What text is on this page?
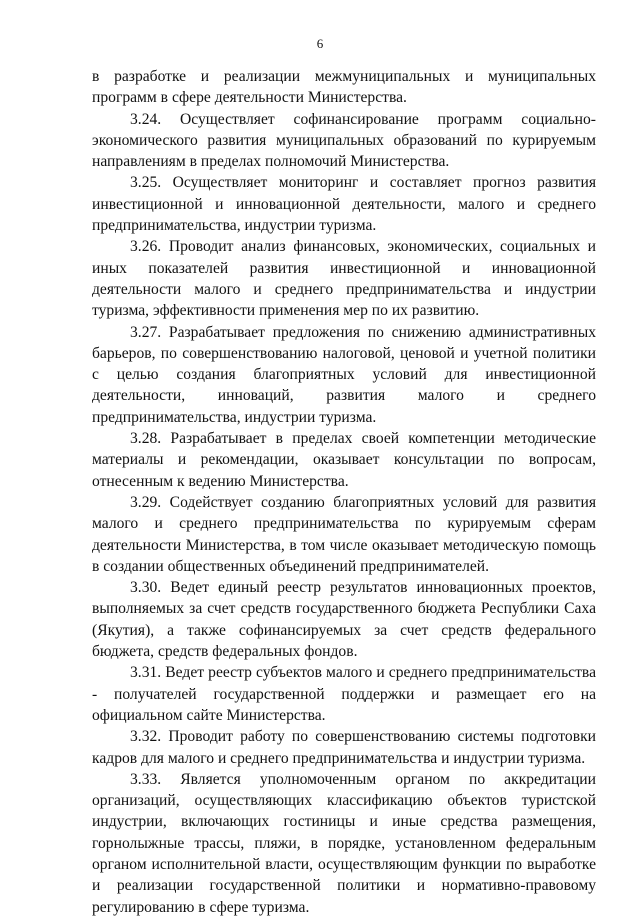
6

в разработке и реализации межмуниципальных и муниципальных программ в сфере деятельности Министерства.

3.24. Осуществляет софинансирование программ социально-экономического развития муниципальных образований по курируемым направлениям в пределах полномочий Министерства.

3.25. Осуществляет мониторинг и составляет прогноз развития инвестиционной и инновационной деятельности, малого и среднего предпринимательства, индустрии туризма.

3.26. Проводит анализ финансовых, экономических, социальных и иных показателей развития инвестиционной и инновационной деятельности малого и среднего предпринимательства и индустрии туризма, эффективности применения мер по их развитию.

3.27. Разрабатывает предложения по снижению административных барьеров, по совершенствованию налоговой, ценовой и учетной политики с целью создания благоприятных условий для инвестиционной деятельности, инноваций, развития малого и среднего предпринимательства, индустрии туризма.

3.28. Разрабатывает в пределах своей компетенции методические материалы и рекомендации, оказывает консультации по вопросам, отнесенным к ведению Министерства.

3.29. Содействует созданию благоприятных условий для развития малого и среднего предпринимательства по курируемым сферам деятельности Министерства, в том числе оказывает методическую помощь в создании общественных объединений предпринимателей.

3.30. Ведет единый реестр результатов инновационных проектов, выполняемых за счет средств государственного бюджета Республики Саха (Якутия), а также софинансируемых за счет средств федерального бюджета, средств федеральных фондов.

3.31. Ведет реестр субъектов малого и среднего предпринимательства - получателей государственной поддержки и размещает его на официальном сайте Министерства.

3.32. Проводит работу по совершенствованию системы подготовки кадров для малого и среднего предпринимательства и индустрии туризма.

3.33. Является уполномоченным органом по аккредитации организаций, осуществляющих классификацию объектов туристской индустрии, включающих гостиницы и иные средства размещения, горнолыжные трассы, пляжи, в порядке, установленном федеральным органом исполнительной власти, осуществляющим функции по выработке и реализации государственной политики и нормативно-правовому регулированию в сфере туризма.
